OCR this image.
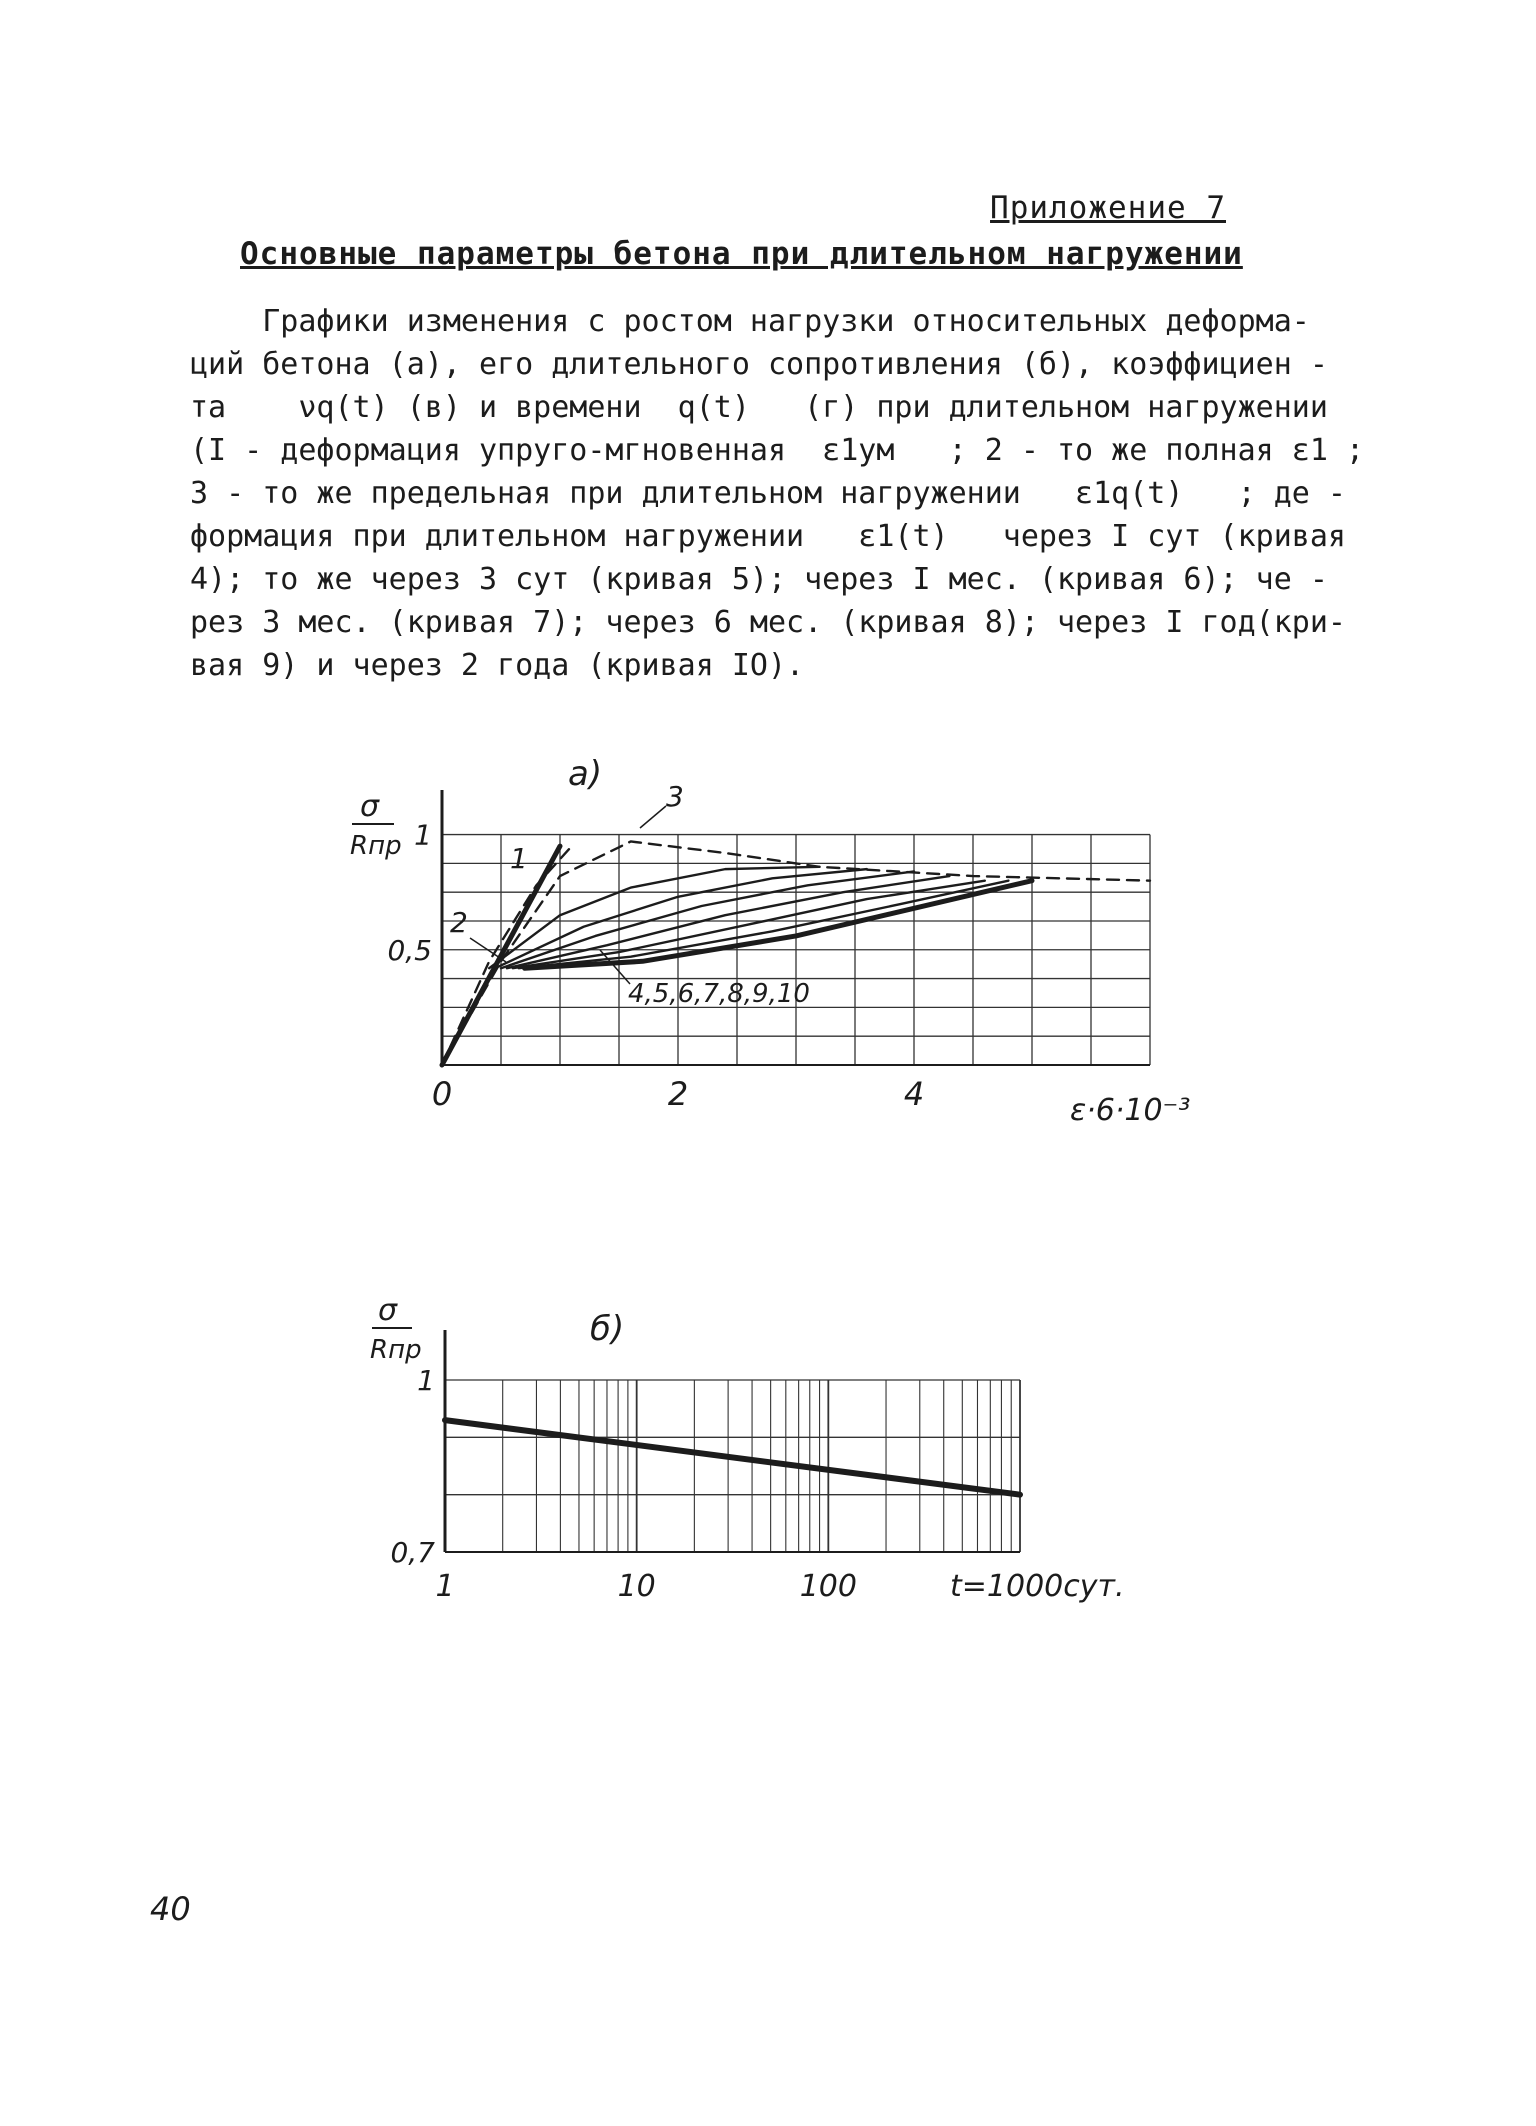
Приложение 7
Основные параметры бетона при длительном нагружении
Графики изменения с ростом нагрузки относительных деформа-
ций бетона (а), его длительного сопротивления (б), коэффициен -
та    νq(t) (в) и времени  q(t)   (г) при длительном нагружении
(I - деформация упруго-мгновенная  ε1ум   ; 2 - то же полная ε1 ;
3 - то же предельная при длительном нагружении   ε1q(t)   ; де -
формация при длительном нагружении   ε1(t)   через I сут (кривая
4); то же через 3 сут (кривая 5); через I мес. (кривая 6); че -
рез 3 мес. (кривая 7); через 6 мес. (кривая 8); через I год(кри-
вая 9) и через 2 года (кривая IO).
a)
σ
Rпр
0,5
1
0	2	4	ε·6·10⁻³
1
2
3
4,5,6,7,8,9,10
б)
σ
Rпр
0,7
1
1	10	100	t=1000сут.
40
